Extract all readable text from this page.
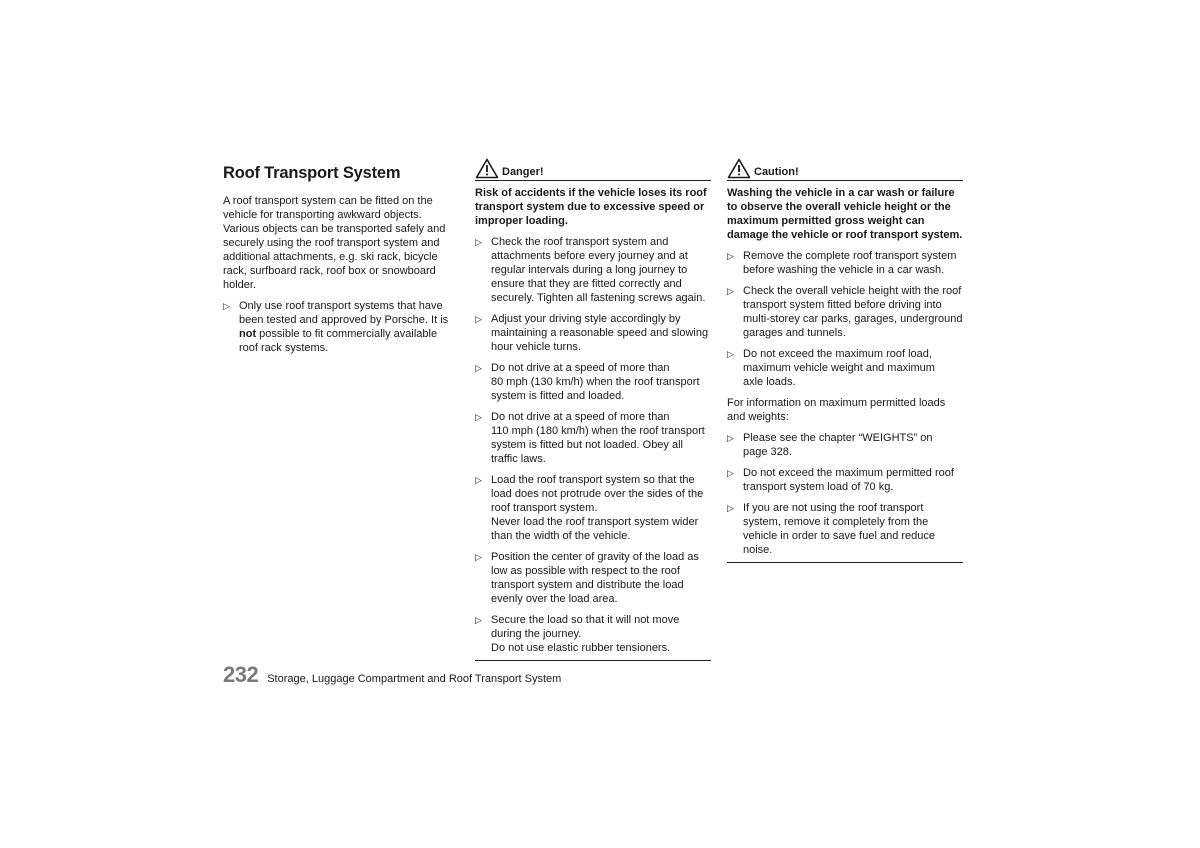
Roof Transport System

A roof transport system can be fitted on the vehicle for transporting awkward objects. Various objects can be transported safely and securely using the roof transport system and additional attachments, e.g. ski rack, bicycle rack, surfboard rack, roof box or snowboard holder.

▷ Only use roof transport systems that have been tested and approved by Porsche. It is not possible to fit commercially available roof rack systems.
Danger!

Risk of accidents if the vehicle loses its roof transport system due to excessive speed or improper loading.

▷ Check the roof transport system and attachments before every journey and at regular intervals during a long journey to ensure that they are fitted correctly and securely. Tighten all fastening screws again.
▷ Adjust your driving style accordingly by maintaining a reasonable speed and slowing hour vehicle turns.
▷ Do not drive at a speed of more than
80 mph (130 km/h) when the roof transport system is fitted and loaded.
▷ Do not drive at a speed of more than
110 mph (180 km/h) when the roof transport system is fitted but not loaded. Obey all traffic laws.
▷ Load the roof transport system so that the load does not protrude over the sides of the roof transport system.
Never load the roof transport system wider than the width of the vehicle.
▷ Position the center of gravity of the load as low as possible with respect to the roof transport system and distribute the load evenly over the load area.
▷ Secure the load so that it will not move during the journey.
Do not use elastic rubber tensioners.
Caution!

Washing the vehicle in a car wash or failure to observe the overall vehicle height or the maximum permitted gross weight can damage the vehicle or roof transport system.

▷ Remove the complete roof transport system before washing the vehicle in a car wash.
▷ Check the overall vehicle height with the roof transport system fitted before driving into multi-storey car parks, garages, underground garages and tunnels.
▷ Do not exceed the maximum roof load, maximum vehicle weight and maximum
axle loads.

For information on maximum permitted loads and weights:

▷ Please see the chapter “WEIGHTS” on
page 328.
▷ Do not exceed the maximum permitted roof transport system load of 70 kg.
▷ If you are not using the roof transport system, remove it completely from the vehicle in order to save fuel and reduce noise.
232 Storage, Luggage Compartment and Roof Transport System
